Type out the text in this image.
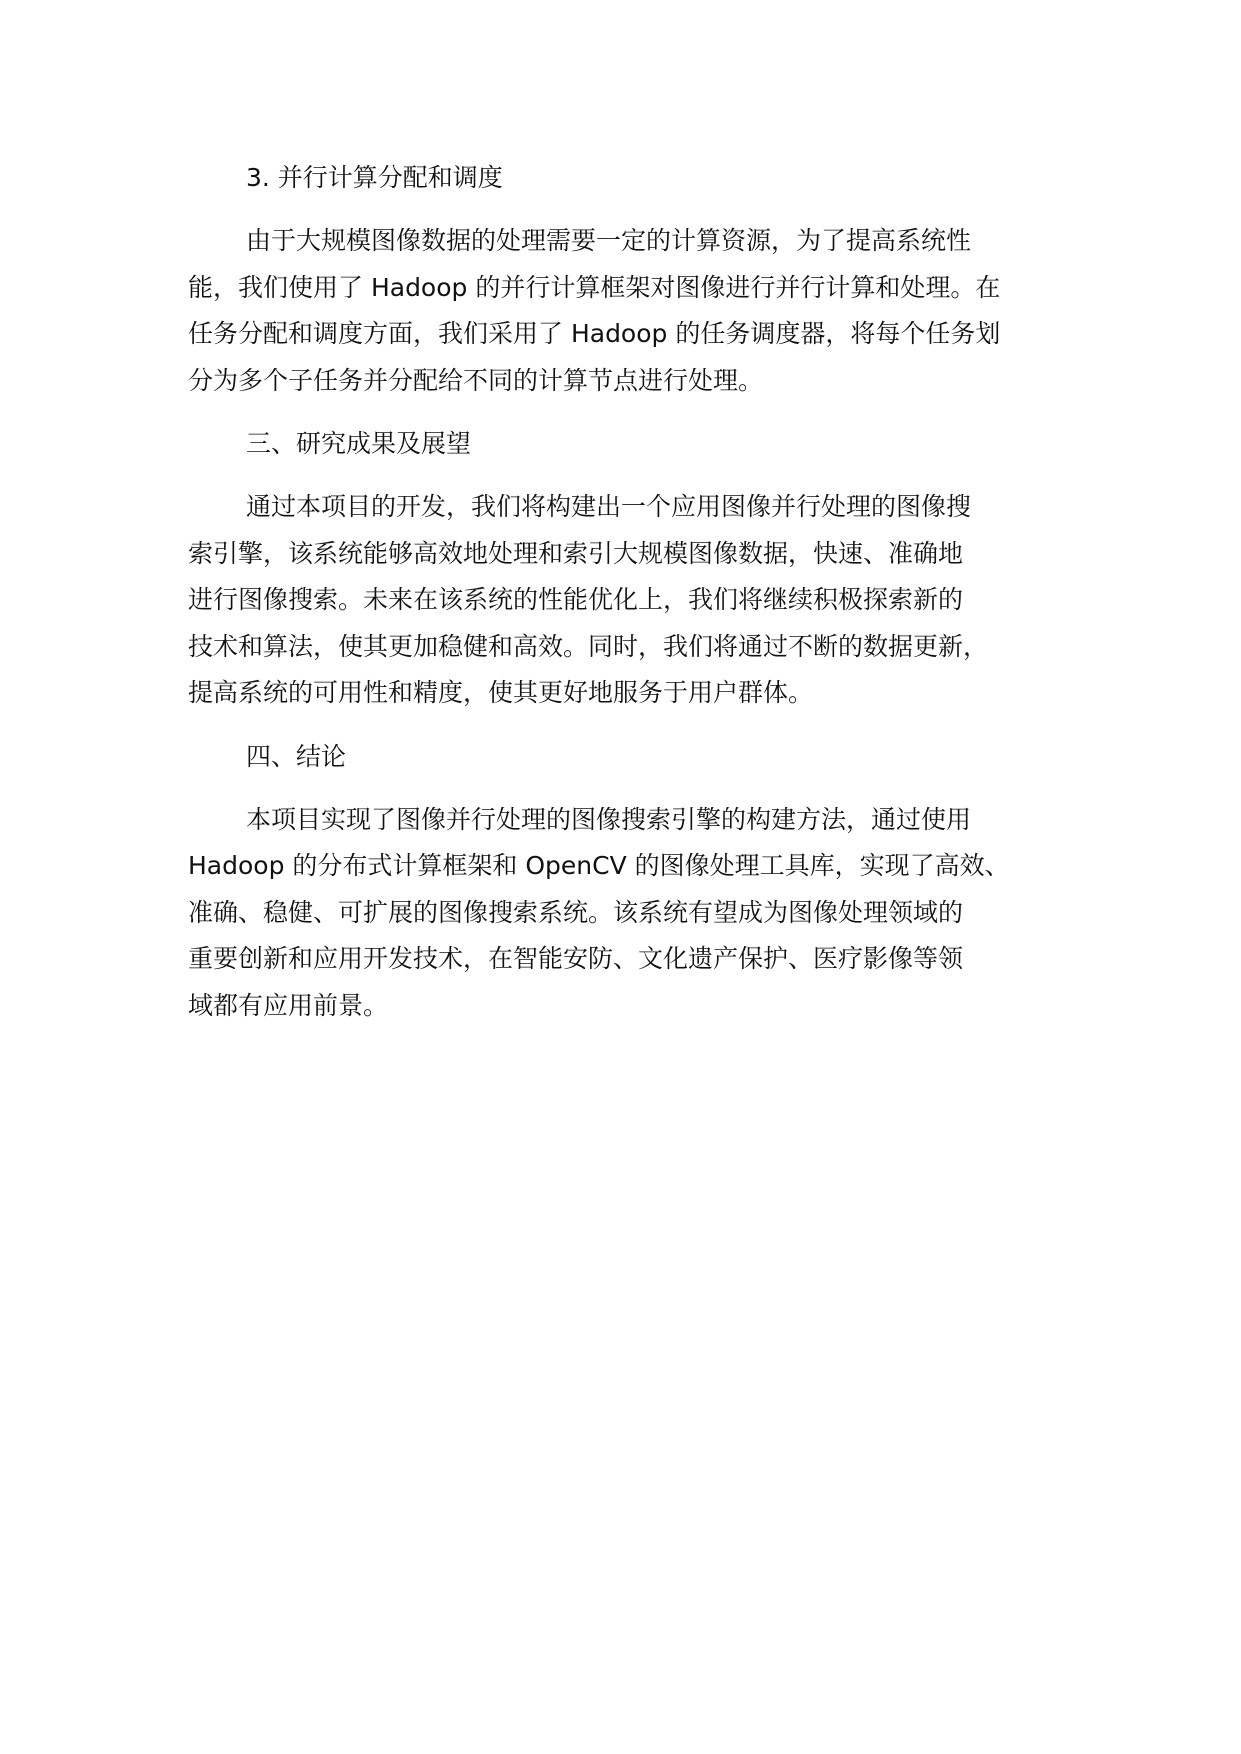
3. 并行计算分配和调度
由于大规模图像数据的处理需要一定的计算资源，为了提高系统性
能，我们使用了 Hadoop 的并行计算框架对图像进行并行计算和处理。在
任务分配和调度方面，我们采用了 Hadoop 的任务调度器，将每个任务划
分为多个子任务并分配给不同的计算节点进行处理。
三、研究成果及展望
通过本项目的开发，我们将构建出一个应用图像并行处理的图像搜
索引擎，该系统能够高效地处理和索引大规模图像数据，快速、准确地
进行图像搜索。未来在该系统的性能优化上，我们将继续积极探索新的
技术和算法，使其更加稳健和高效。同时，我们将通过不断的数据更新，
提高系统的可用性和精度，使其更好地服务于用户群体。
四、结论
本项目实现了图像并行处理的图像搜索引擎的构建方法，通过使用
Hadoop 的分布式计算框架和 OpenCV 的图像处理工具库，实现了高效、
准确、稳健、可扩展的图像搜索系统。该系统有望成为图像处理领域的
重要创新和应用开发技术，在智能安防、文化遗产保护、医疗影像等领
域都有应用前景。
